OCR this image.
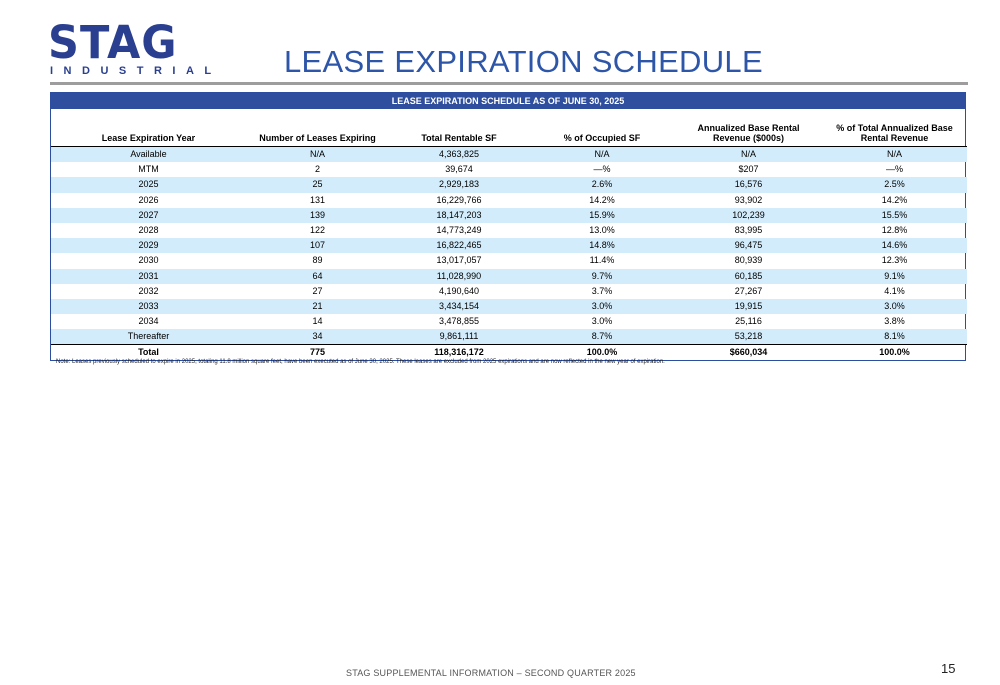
STAG
INDUSTRIAL LEASE EXPIRATION SCHEDULE
LEASE EXPIRATION SCHEDULE AS OF JUNE 30, 2025
Lease Expiration Year	Number of Leases Expiring	Total Rentable SF	% of Occupied SF	Annualized Base Rental Revenue ($000s)	% of Total Annualized Base Rental Revenue
Available	N/A	4,363,825	N/A	N/A	N/A
MTM	2	39,674	—%	$207	—%
2025	25	2,929,183	2.6%	16,576	2.5%
2026	131	16,229,766	14.2%	93,902	14.2%
2027	139	18,147,203	15.9%	102,239	15.5%
2028	122	14,773,249	13.0%	83,995	12.8%
2029	107	16,822,465	14.8%	96,475	14.6%
2030	89	13,017,057	11.4%	80,939	12.3%
2031	64	11,028,990	9.7%	60,185	9.1%
2032	27	4,190,640	3.7%	27,267	4.1%
2033	21	3,434,154	3.0%	19,915	3.0%
2034	14	3,478,855	3.0%	25,116	3.8%
Thereafter	34	9,861,111	8.7%	53,218	8.1%
Total	775	118,316,172	100.0%	$660,034	100.0%
Note: Leases previously scheduled to expire in 2025, totaling 11.8 million square feet, have been executed as of June 30, 2025. These leases are excluded from 2025 expirations and are now reflected in the new year of expiration.
STAG SUPPLEMENTAL INFORMATION – SECOND QUARTER 2025	15
